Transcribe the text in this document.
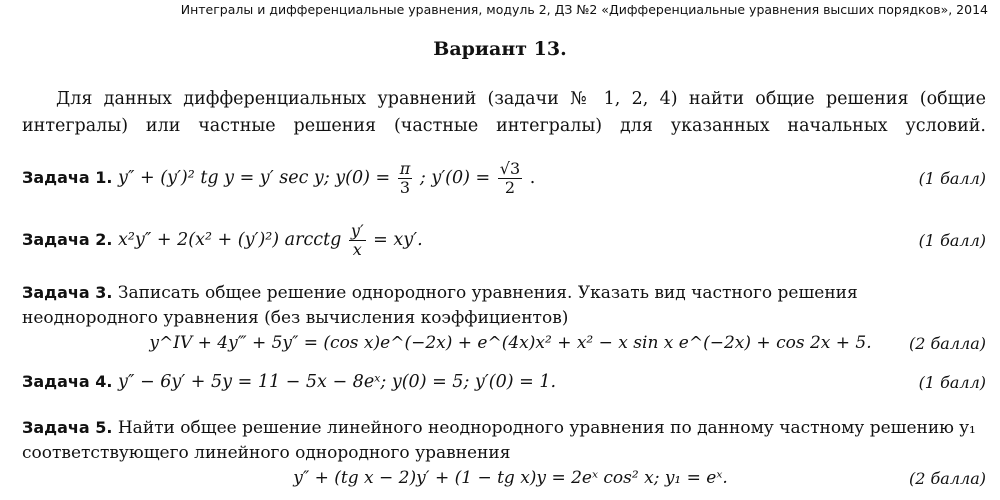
Интегралы и дифференциальные уравнения, модуль 2, ДЗ №2 «Дифференциальные уравнения высших порядков», 2014
Вариант 13.
Для данных дифференциальных уравнений (задачи № 1, 2, 4) найти общие решения (общие интегралы) или частные решения (частные интегралы) для указанных начальных условий.
Задача 1. y″ + (y′)² tg y = y′ sec y; $y(0) = \frac{\pi}{3}$ ; $y'(0) = \frac{√3}{2}$ .	(1 балл)
Задача 2. x²y″ + 2(x² + (y′)²) arcctg $\frac{y'}{x} = xy'$.	(1 балл)
Задача 3. Записать общее решение однородного уравнения. Указать вид частного решения неоднородного уравнения (без вычисления коэффициентов)
y^IV + 4y‴ + 5y″ = (cos x)e^(−2x) + e^(4x)x² + x² − x sin x e^(−2x) + cos 2x + 5. (2 балла)
Задача 4. y″ − 6y′ + 5y = 11 − 5x − 8eˣ; y(0) = 5; y′(0) = 1.	(1 балл)
Задача 5. Найти общее решение линейного неоднородного уравнения по данному частному решению y₁ соответствующего линейного однородного уравнения
y″ + (tg x − 2)y′ + (1 − tg x)y = 2eˣ cos² x; y₁ = eˣ.	(2 балла)
